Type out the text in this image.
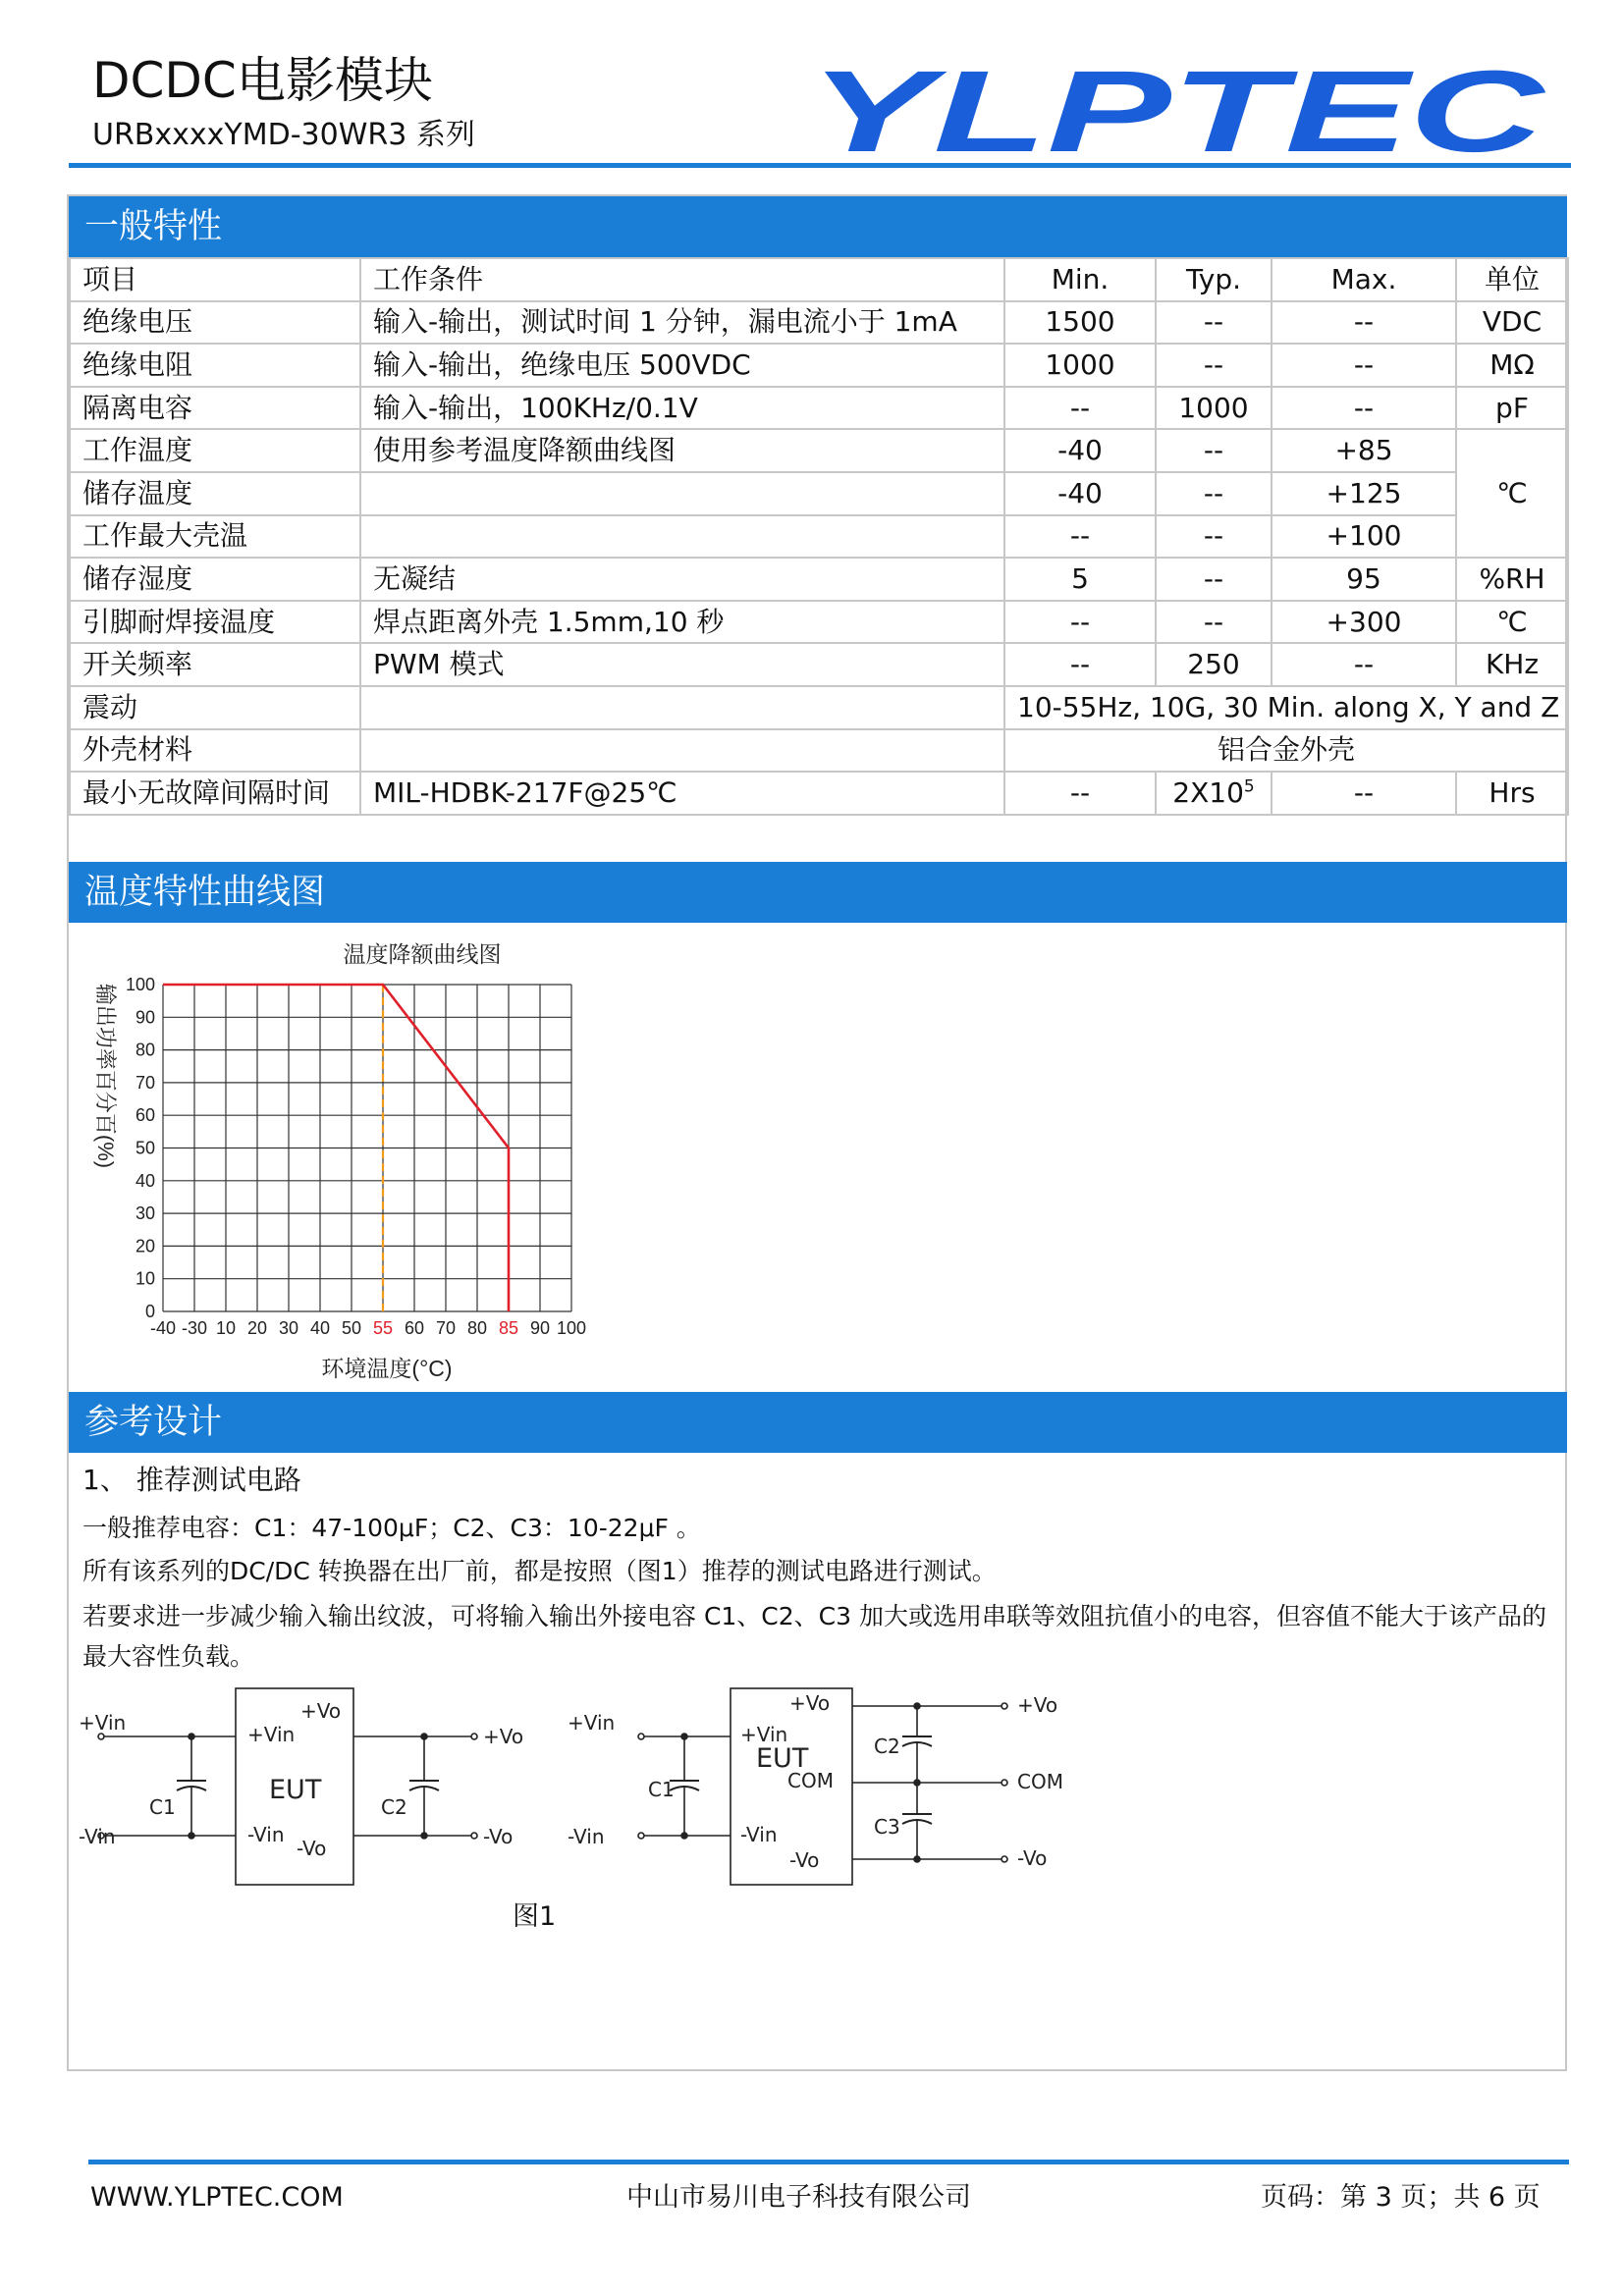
DCDC电影模块
URBxxxxYMD-30WR3 系列	YLPTEC
一般特性
项目	工作条件	Min.	Typ.	Max.	单位
绝缘电压	输入-输出，测试时间 1 分钟，漏电流小于 1mA	1500	--	--	VDC
绝缘电阻	输入-输出，绝缘电压 500VDC	1000	--	--	MΩ
隔离电容	输入-输出，100KHz/0.1V	--	1000	--	pF
工作温度	使用参考温度降额曲线图	-40	--	+85	℃
储存温度		-40	--	+125	
工作最大壳温		--	--	+100	
储存湿度	无凝结	5	--	95	%RH
引脚耐焊接温度	焊点距离外壳 1.5mm,10 秒	--	--	+300	℃
开关频率	PWM 模式	--	250	--	KHz
震动		10-55Hz, 10G, 30 Min. along X, Y and Z			
外壳材料		铝合金外壳			
最小无故障间隔时间	MIL-HDBK-217F@25℃	--	$2X10^5$	--	Hrs
温度特性曲线图
温度降额曲线图
0
10
20
30
40
50
60
70
80
90
100
-40 -30 10 20 30 40 50 55 60 70 80 85 90 100
输出功率百分百(%)
环境温度(°C)
参考设计
1、 推荐测试电路
一般推荐电容：C1：47-100μF；C2、C3：10-22μF 。
所有该系列的DC/DC 转换器在出厂前，都是按照（图1）推荐的测试电路进行测试。
若要求进一步减少输入输出纹波，可将输入输出外接电容 C1、C2、C3 加大或选用串联等效阻抗值小的电容，但容值不能大于该产品的
最大容性负载。
+Vin
-Vin
+Vin
-Vin
+Vo
-Vo
EUT
C1	C2
+Vo
-Vo
+Vin
-Vin
+Vin
-Vin
+Vo
COM
-Vo
EUT
C1
C2
C3
+Vo
COM
-Vo
图1
WWW.YLPTEC.COM	中山市易川电子科技有限公司	页码：第 3 页；共 6 页
